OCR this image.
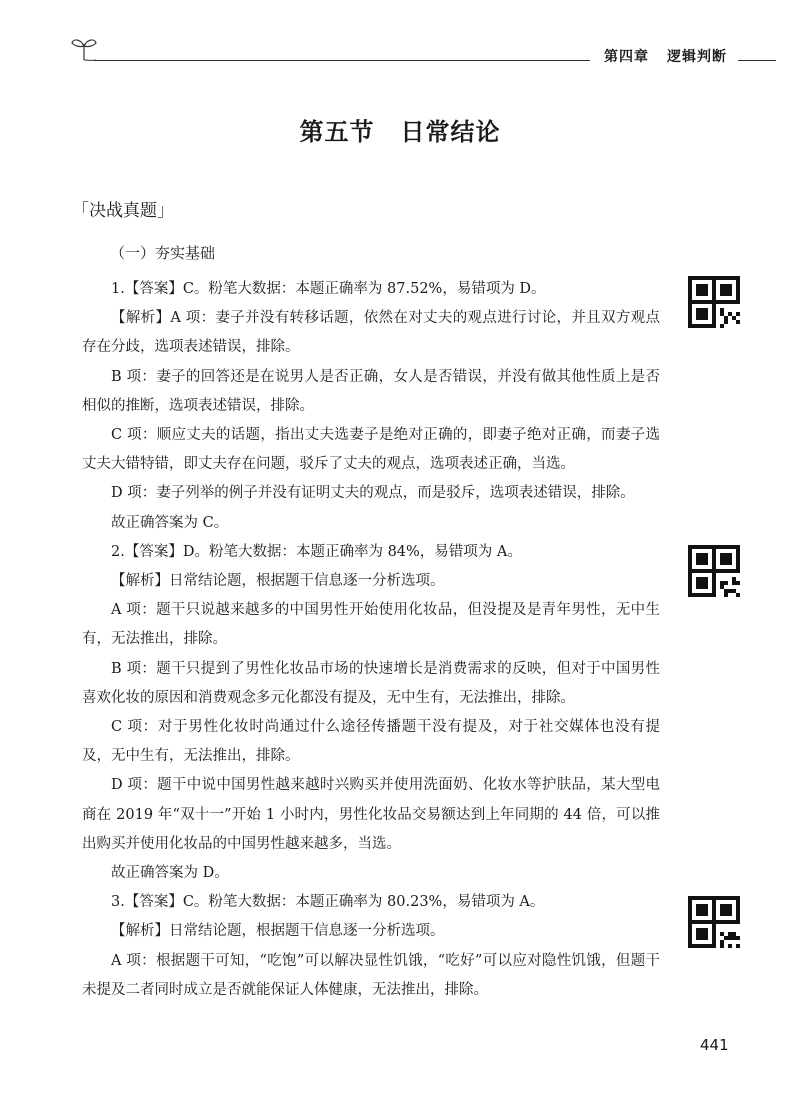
第四章 逻辑判断
第五节 日常结论
「决战真题」
（一）夯实基础

1.【答案】C。粉笔大数据：本题正确率为 87.52%，易错项为 D。

【解析】A 项：妻子并没有转移话题，依然在对丈夫的观点进行讨论，并且双方观点存在分歧，选项表述错误，排除。

B 项：妻子的回答还是在说男人是否正确，女人是否错误，并没有做其他性质上是否相似的推断，选项表述错误，排除。

C 项：顺应丈夫的话题，指出丈夫选妻子是绝对正确的，即妻子绝对正确，而妻子选丈夫大错特错，即丈夫存在问题，驳斥了丈夫的观点，选项表述正确，当选。

D 项：妻子列举的例子并没有证明丈夫的观点，而是驳斥，选项表述错误，排除。

故正确答案为 C。

2.【答案】D。粉笔大数据：本题正确率为 84%，易错项为 A。

【解析】日常结论题，根据题干信息逐一分析选项。

A 项：题干只说越来越多的中国男性开始使用化妆品，但没提及是青年男性，无中生有，无法推出，排除。

B 项：题干只提到了男性化妆品市场的快速增长是消费需求的反映，但对于中国男性喜欢化妆的原因和消费观念多元化都没有提及，无中生有，无法推出，排除。

C 项：对于男性化妆时尚通过什么途径传播题干没有提及，对于社交媒体也没有提及，无中生有，无法推出，排除。

D 项：题干中说中国男性越来越时兴购买并使用洗面奶、化妆水等护肤品，某大型电商在 2019 年“双十一”开始 1 小时内，男性化妆品交易额达到上年同期的 44 倍，可以推出购买并使用化妆品的中国男性越来越多，当选。

故正确答案为 D。

3.【答案】C。粉笔大数据：本题正确率为 80.23%，易错项为 A。

【解析】日常结论题，根据题干信息逐一分析选项。

A 项：根据题干可知，“吃饱”可以解决显性饥饿，“吃好”可以应对隐性饥饿，但题干未提及二者同时成立是否就能保证人体健康，无法推出，排除。

441
